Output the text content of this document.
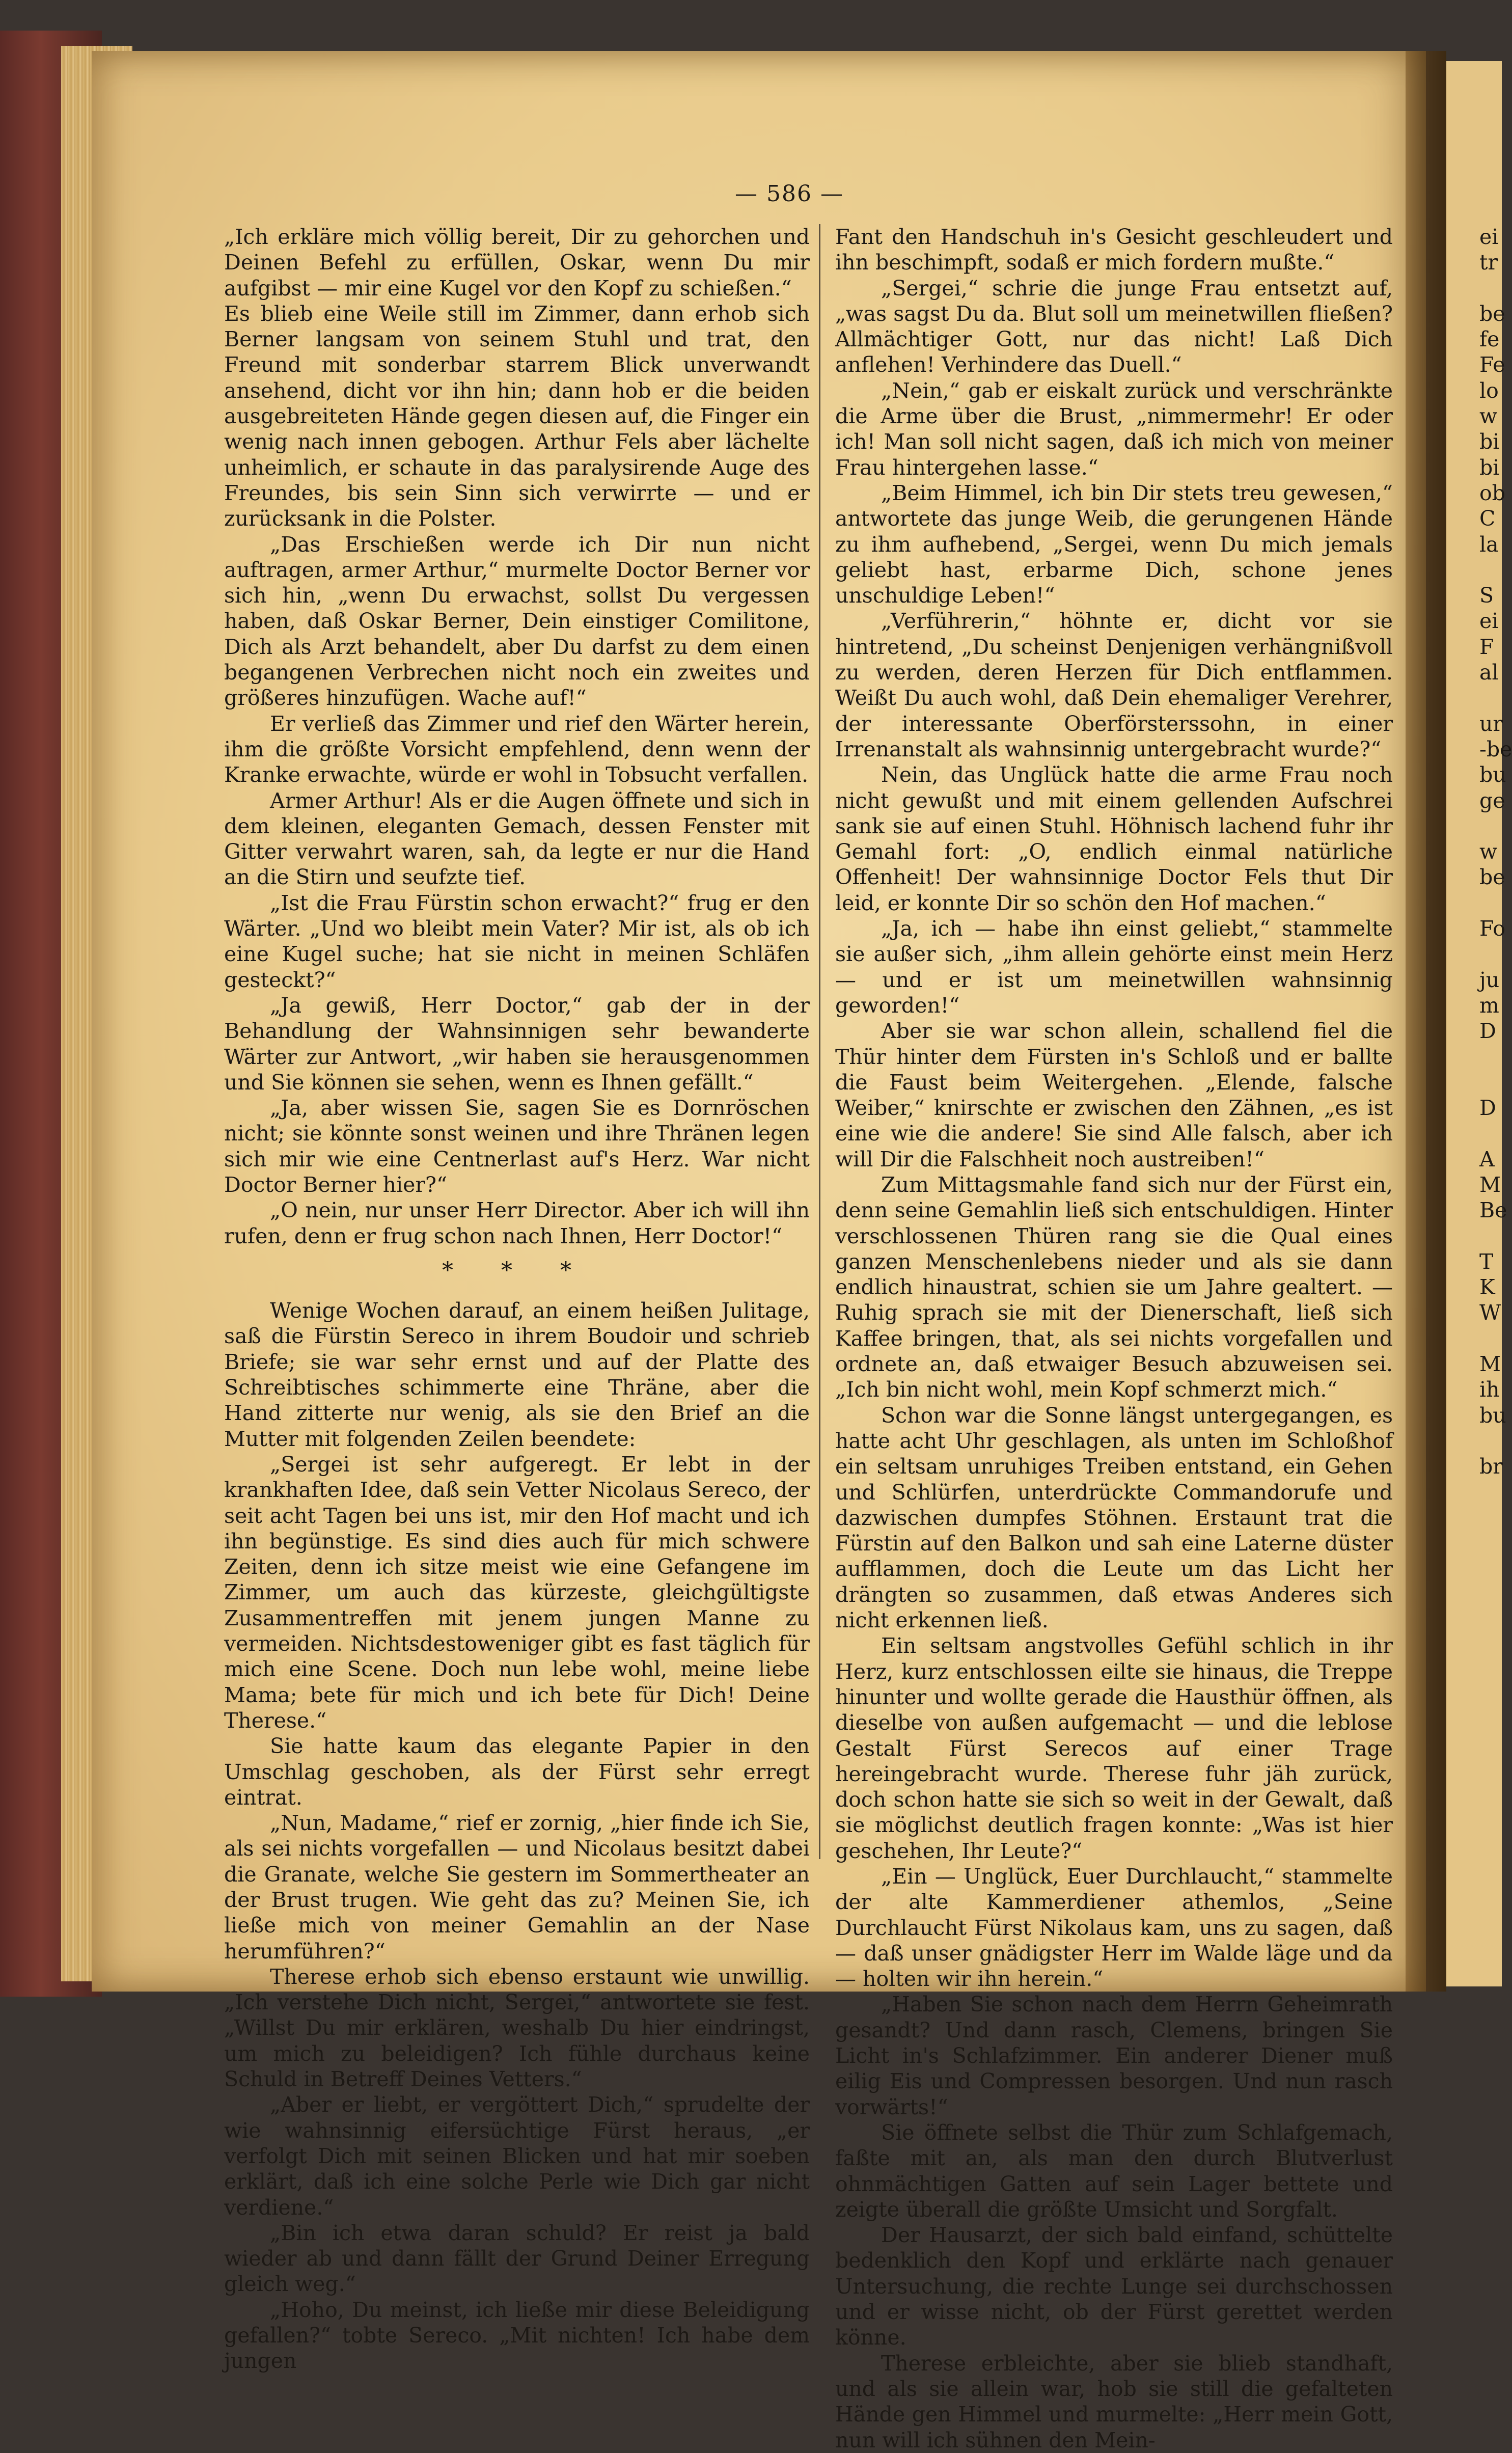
— 586 —

„Ich erkläre mich völlig bereit, Dir zu gehorchen und Deinen Befehl zu erfüllen, Oskar, wenn Du mir aufgibst — mir eine Kugel vor den Kopf zu schießen.“

Es blieb eine Weile still im Zimmer, dann erhob sich Berner langsam von seinem Stuhl und trat, den Freund mit sonderbar starrem Blick unverwandt ansehend, dicht vor ihn hin; dann hob er die beiden ausgebreiteten Hände gegen diesen auf, die Finger ein wenig nach innen gebogen. Arthur Fels aber lächelte unheimlich, er schaute in das paralysirende Auge des Freundes, bis sein Sinn sich verwirrte — und er zurücksank in die Polster.

„Das Erschießen werde ich Dir nun nicht auftragen, armer Arthur,“ murmelte Doctor Berner vor sich hin, „wenn Du erwachst, sollst Du vergessen haben, daß Oskar Berner, Dein einstiger Comilitone, Dich als Arzt behandelt, aber Du darfst zu dem einen begangenen Verbrechen nicht noch ein zweites und größeres hinzufügen. Wache auf!“

Er verließ das Zimmer und rief den Wärter herein, ihm die größte Vorsicht empfehlend, denn wenn der Kranke erwachte, würde er wohl in Tobsucht verfallen.

Armer Arthur! Als er die Augen öffnete und sich in dem kleinen, eleganten Gemach, dessen Fenster mit Gitter verwahrt waren, sah, da legte er nur die Hand an die Stirn und seufzte tief.

„Ist die Frau Fürstin schon erwacht?“ frug er den Wärter. „Und wo bleibt mein Vater? Mir ist, als ob ich eine Kugel suche; hat sie nicht in meinen Schläfen gesteckt?“

„Ja gewiß, Herr Doctor,“ gab der in der Behandlung der Wahnsinnigen sehr bewanderte Wärter zur Antwort, „wir haben sie herausgenommen und Sie können sie sehen, wenn es Ihnen gefällt.“

„Ja, aber wissen Sie, sagen Sie es Dornröschen nicht; sie könnte sonst weinen und ihre Thränen legen sich mir wie eine Centnerlast auf's Herz. War nicht Doctor Berner hier?“

„O nein, nur unser Herr Director. Aber ich will ihn rufen, denn er frug schon nach Ihnen, Herr Doctor!“

* * *

Wenige Wochen darauf, an einem heißen Julitage, saß die Fürstin Sereco in ihrem Boudoir und schrieb Briefe; sie war sehr ernst und auf der Platte des Schreibtisches schimmerte eine Thräne, aber die Hand zitterte nur wenig, als sie den Brief an die Mutter mit folgenden Zeilen beendete:

„Sergei ist sehr aufgeregt. Er lebt in der krankhaften Idee, daß sein Vetter Nicolaus Sereco, der seit acht Tagen bei uns ist, mir den Hof macht und ich ihn begünstige. Es sind dies auch für mich schwere Zeiten, denn ich sitze meist wie eine Gefangene im Zimmer, um auch das kürzeste, gleichgültigste Zusammentreffen mit jenem jungen Manne zu vermeiden. Nichtsdestoweniger gibt es fast täglich für mich eine Scene. Doch nun lebe wohl, meine liebe Mama; bete für mich und ich bete für Dich! Deine Therese.“

Sie hatte kaum das elegante Papier in den Umschlag geschoben, als der Fürst sehr erregt eintrat.

„Nun, Madame,“ rief er zornig, „hier finde ich Sie, als sei nichts vorgefallen — und Nicolaus besitzt dabei die Granate, welche Sie gestern im Sommertheater an der Brust trugen. Wie geht das zu? Meinen Sie, ich ließe mich von meiner Gemahlin an der Nase herumführen?“

Therese erhob sich ebenso erstaunt wie unwillig. „Ich verstehe Dich nicht, Sergei,“ antwortete sie fest. „Willst Du mir erklären, weshalb Du hier eindringst, um mich zu beleidigen? Ich fühle durchaus keine Schuld in Betreff Deines Vetters.“

„Aber er liebt, er vergöttert Dich,“ sprudelte der wie wahnsinnig eifersüchtige Fürst heraus, „er verfolgt Dich mit seinen Blicken und hat mir soeben erklärt, daß ich eine solche Perle wie Dich gar nicht verdiene.“

„Bin ich etwa daran schuld? Er reist ja bald wieder ab und dann fällt der Grund Deiner Erregung gleich weg.“

„Hoho, Du meinst, ich ließe mir diese Beleidigung gefallen?“ tobte Sereco. „Mit nichten! Ich habe dem jungen

Fant den Handschuh in's Gesicht geschleudert und ihn beschimpft, sodaß er mich fordern mußte.“

„Sergei,“ schrie die junge Frau entsetzt auf, „was sagst Du da. Blut soll um meinetwillen fließen? Allmächtiger Gott, nur das nicht! Laß Dich anflehen! Verhindere das Duell.“

„Nein,“ gab er eiskalt zurück und verschränkte die Arme über die Brust, „nimmermehr! Er oder ich! Man soll nicht sagen, daß ich mich von meiner Frau hintergehen lasse.“

„Beim Himmel, ich bin Dir stets treu gewesen,“ antwortete das junge Weib, die gerungenen Hände zu ihm aufhebend, „Sergei, wenn Du mich jemals geliebt hast, erbarme Dich, schone jenes unschuldige Leben!“

„Verführerin,“ höhnte er, dicht vor sie hintretend, „Du scheinst Denjenigen verhängnißvoll zu werden, deren Herzen für Dich entflammen. Weißt Du auch wohl, daß Dein ehemaliger Verehrer, der interessante Oberförsterssohn, in einer Irrenanstalt als wahnsinnig untergebracht wurde?“

Nein, das Unglück hatte die arme Frau noch nicht gewußt und mit einem gellenden Aufschrei sank sie auf einen Stuhl. Höhnisch lachend fuhr ihr Gemahl fort: „O, endlich einmal natürliche Offenheit! Der wahnsinnige Doctor Fels thut Dir leid, er konnte Dir so schön den Hof machen.“

„Ja, ich — habe ihn einst geliebt,“ stammelte sie außer sich, „ihm allein gehörte einst mein Herz — und er ist um meinetwillen wahnsinnig geworden!“

Aber sie war schon allein, schallend fiel die Thür hinter dem Fürsten in's Schloß und er ballte die Faust beim Weitergehen. „Elende, falsche Weiber,“ knirschte er zwischen den Zähnen, „es ist eine wie die andere! Sie sind Alle falsch, aber ich will Dir die Falschheit noch austreiben!“

Zum Mittagsmahle fand sich nur der Fürst ein, denn seine Gemahlin ließ sich entschuldigen. Hinter verschlossenen Thüren rang sie die Qual eines ganzen Menschenlebens nieder und als sie dann endlich hinaustrat, schien sie um Jahre gealtert. — Ruhig sprach sie mit der Dienerschaft, ließ sich Kaffee bringen, that, als sei nichts vorgefallen und ordnete an, daß etwaiger Besuch abzuweisen sei. „Ich bin nicht wohl, mein Kopf schmerzt mich.“

Schon war die Sonne längst untergegangen, es hatte acht Uhr geschlagen, als unten im Schloßhof ein seltsam unruhiges Treiben entstand, ein Gehen und Schlürfen, unterdrückte Commandorufe und dazwischen dumpfes Stöhnen. Erstaunt trat die Fürstin auf den Balkon und sah eine Laterne düster aufflammen, doch die Leute um das Licht her drängten so zusammen, daß etwas Anderes sich nicht erkennen ließ.

Ein seltsam angstvolles Gefühl schlich in ihr Herz, kurz entschlossen eilte sie hinaus, die Treppe hinunter und wollte gerade die Hausthür öffnen, als dieselbe von außen aufgemacht — und die leblose Gestalt Fürst Serecos auf einer Trage hereingebracht wurde. Therese fuhr jäh zurück, doch schon hatte sie sich so weit in der Gewalt, daß sie möglichst deutlich fragen konnte: „Was ist hier geschehen, Ihr Leute?“

„Ein — Unglück, Euer Durchlaucht,“ stammelte der alte Kammerdiener athemlos, „Seine Durchlaucht Fürst Nikolaus kam, uns zu sagen, daß — daß unser gnädigster Herr im Walde läge und da — holten wir ihn herein.“

„Haben Sie schon nach dem Herrn Geheimrath gesandt? Und dann rasch, Clemens, bringen Sie Licht in's Schlafzimmer. Ein anderer Diener muß eilig Eis und Compressen besorgen. Und nun rasch vorwärts!“

Sie öffnete selbst die Thür zum Schlafgemach, faßte mit an, als man den durch Blutverlust ohnmächtigen Gatten auf sein Lager bettete und zeigte überall die größte Umsicht und Sorgfalt.

Der Hausarzt, der sich bald einfand, schüttelte bedenklich den Kopf und erklärte nach genauer Untersuchung, die rechte Lunge sei durchschossen und er wisse nicht, ob der Fürst gerettet werden könne.

Therese erbleichte, aber sie blieb standhaft, und als sie allein war, hob sie still die gefalteten Hände gen Himmel und murmelte: „Herr mein Gott, nun will ich sühnen den Mein-

ei
tr
be
fe
Fe
lo
w
bi
bi
ob
C
la
S
ei
F
al
ur
-be
bu
ge
w
be
Fo
ju
m
D
D
A
M
Be
T
K
W
M
ih
bu
br
